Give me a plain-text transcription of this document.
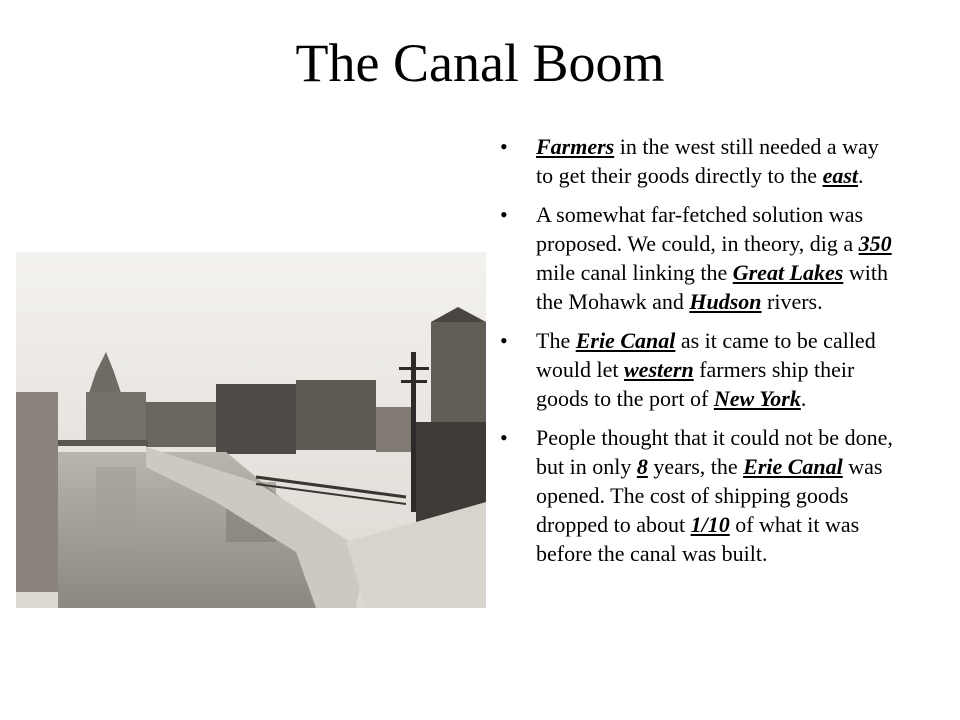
The Canal Boom
• Farmers in the west still needed a way to get their goods directly to the east.
• A somewhat far-fetched solution was proposed. We could, in theory, dig a 350 mile canal linking the Great Lakes with the Mohawk and Hudson rivers.
• The Erie Canal as it came to be called would let western farmers ship their goods to the port of New York.
• People thought that it could not be done, but in only 8 years, the Erie Canal was opened. The cost of shipping goods dropped to about 1/10 of what it was before the canal was built.
